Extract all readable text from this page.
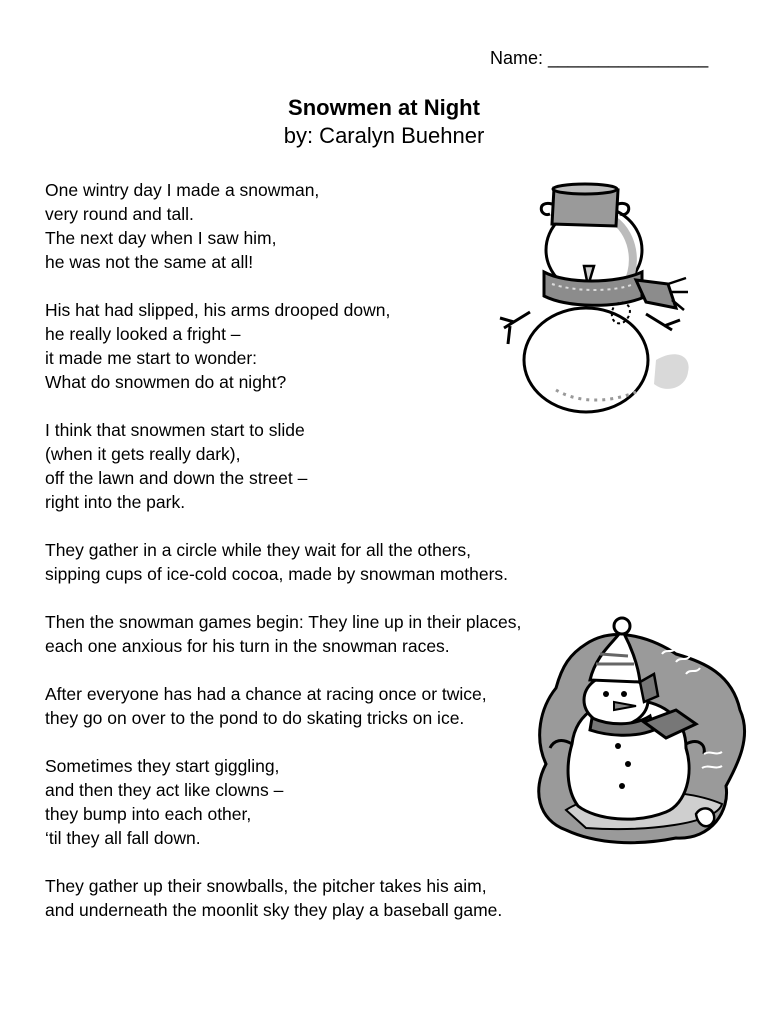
Name: ________________
Snowmen at Night
by: Caralyn Buehner
One wintry day I made a snowman,
very round and tall.
The next day when I saw him,
he was not the same at all!
His hat had slipped, his arms drooped down,
he really looked a fright –
it made me start to wonder:
What do snowmen do at night?
I think that snowmen start to slide
(when it gets really dark),
off the lawn and down the street –
right into the park.
They gather in a circle while they wait for all the others,
sipping cups of ice-cold cocoa, made by snowman mothers.
Then the snowman games begin: They line up in their places,
each one anxious for his turn in the snowman races.
After everyone has had a chance at racing once or twice,
they go on over to the pond to do skating tricks on ice.
Sometimes they start giggling,
and then they act like clowns –
they bump into each other,
‘til they all fall down.
They gather up their snowballs, the pitcher takes his aim,
and underneath the moonlit sky they play a baseball game.
